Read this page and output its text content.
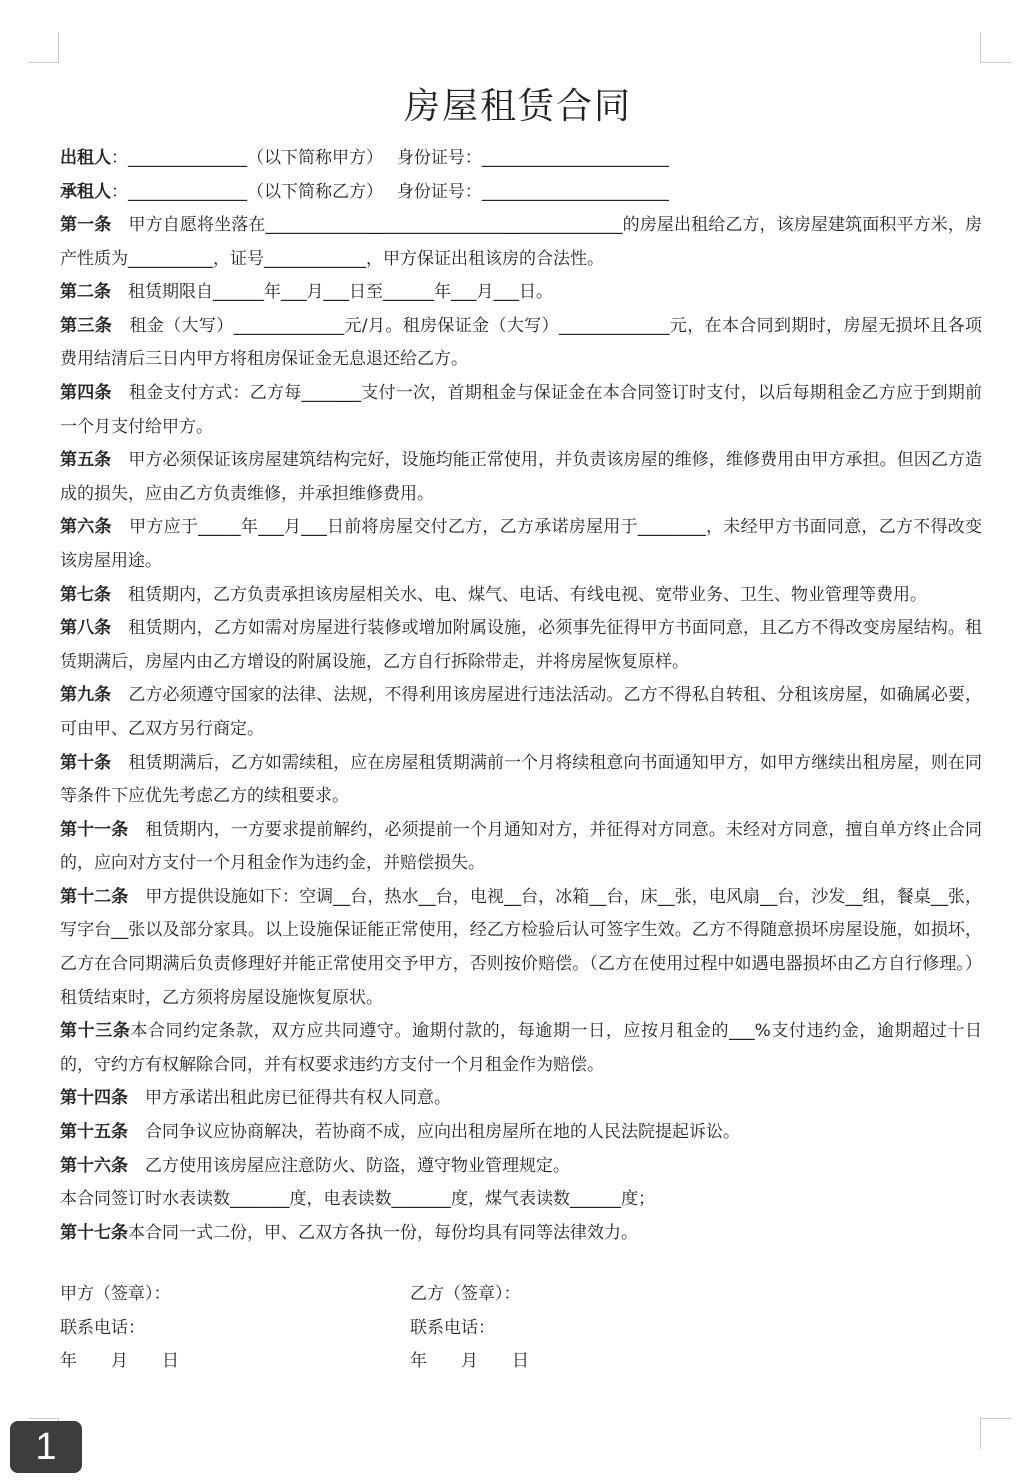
房屋租赁合同

出租人：______________（以下简称甲方）　 身份证号：______________________

承租人：______________（以下简称乙方）　 身份证号：______________________

第一条　 甲方自愿将坐落在__________________________________________的房屋出租给乙方，该房屋建筑面积平方米，房产性质为__________，证号____________，甲方保证出租该房的合法性。

第二条　 租赁期限自______年___月___日至______年___月___日。

第三条　 租金（大写）_____________元/月。租房保证金（大写）_____________元，在本合同到期时，房屋无损坏且各项费用结清后三日内甲方将租房保证金无息退还给乙方。

第四条　 租金支付方式：乙方每_______支付一次，首期租金与保证金在本合同签订时支付，以后每期租金乙方应于到期前一个月支付给甲方。

第五条　 甲方必须保证该房屋建筑结构完好，设施均能正常使用，并负责该房屋的维修，维修费用由甲方承担。但因乙方造成的损失，应由乙方负责维修，并承担维修费用。

第六条　 甲方应于_____年___月___日前将房屋交付乙方，乙方承诺房屋用于________，未经甲方书面同意，乙方不得改变该房屋用途。

第七条　 租赁期内，乙方负责承担该房屋相关水、电、煤气、电话、有线电视、宽带业务、卫生、物业管理等费用。

第八条　 租赁期内，乙方如需对房屋进行装修或增加附属设施，必须事先征得甲方书面同意，且乙方不得改变房屋结构。租赁期满后，房屋内由乙方增设的附属设施，乙方自行拆除带走，并将房屋恢复原样。

第九条　 乙方必须遵守国家的法律、法规，不得利用该房屋进行违法活动。乙方不得私自转租、分租该房屋，如确属必要，可由甲、乙双方另行商定。

第十条　 租赁期满后，乙方如需续租，应在房屋租赁期满前一个月将续租意向书面通知甲方，如甲方继续出租房屋，则在同等条件下应优先考虑乙方的续租要求。

第十一条　 租赁期内，一方要求提前解约，必须提前一个月通知对方，并征得对方同意。未经对方同意，擅自单方终止合同的，应向对方支付一个月租金作为违约金，并赔偿损失。

第十二条　 甲方提供设施如下：空调__台，热水__台，电视__台，冰箱__台，床__张，电风扇__台，沙发__组，餐桌__张，写字台__张以及部分家具。以上设施保证能正常使用，经乙方检验后认可签字生效。乙方不得随意损坏房屋设施，如损坏，乙方在合同期满后负责修理好并能正常使用交予甲方，否则按价赔偿。（乙方在使用过程中如遇电器损坏由乙方自行修理。）租赁结束时，乙方须将房屋设施恢复原状。

第十三条本合同约定条款，双方应共同遵守。逾期付款的，每逾期一日，应按月租金的___%支付违约金，逾期超过十日的，守约方有权解除合同，并有权要求违约方支付一个月租金作为赔偿。

第十四条　 甲方承诺出租此房已征得共有权人同意。

第十五条　 合同争议应协商解决，若协商不成，应向出租房屋所在地的人民法院提起诉讼。

第十六条　 乙方使用该房屋应注意防火、防盗，遵守物业管理规定。

本合同签订时水表读数_______度，电表读数_______度，煤气表读数______度；

第十七条本合同一式二份，甲、乙双方各执一份，每份均具有同等法律效力。

甲方（签章）：	乙方（签章）：
联系电话：	联系电话：
年　　月　　日	年　　月　　日
1
